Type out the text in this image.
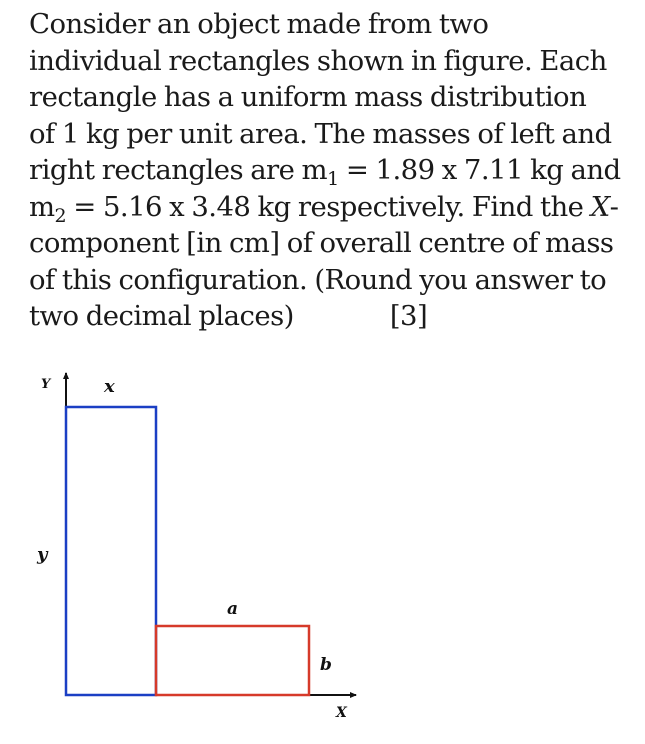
Consider an object made from two
individual rectangles shown in figure. Each
rectangle has a uniform mass distribution
of 1 kg per unit area. The masses of left and
right rectangles are $m_1 = 1.89$ x 7.11 kg and
$m_2 = 5.16$ x 3.48 kg respectively. Find the X-
component [in cm] of overall centre of mass
of this configuration. (Round you answer to
two decimal places)	[3]
Y	x
y
a
b
X
